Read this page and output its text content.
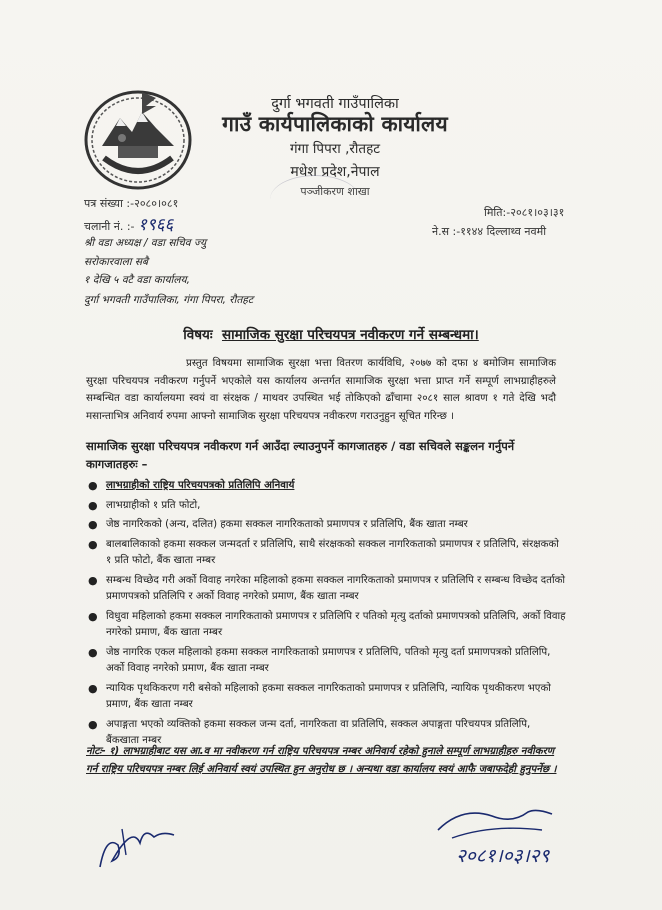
दुर्गा भगवती गाउँपालिका
गाउँ कार्यपालिकाको कार्यालय
गंगा पिपरा ,रौतहट
मधेश प्रदेश,नेपाल
पञ्जीकरण शाखा
पत्र संख्या :-२०८०।०८१
चलानी नं. :- १९६६
मिति:-२०८१।०३।३१
ने.स :-११४४ दिल्लाथ्व नवमी
श्री वडा अध्यक्ष / वडा सचिव ज्यु
सरोकारवाला सबै
१ देखि ५ वटै वडा कार्यालय,
दुर्गा भगवती गाउँपालिका, गंगा पिपरा, रौतहट
विषयः सामाजिक सुरक्षा परिचयपत्र नवीकरण गर्ने सम्बन्धमा।
प्रस्तुत विषयमा सामाजिक सुरक्षा भत्ता वितरण कार्यविधि, २०७७ को दफा ४ बमोजिम सामाजिक सुरक्षा परिचयपत्र नवीकरण गर्नुपर्ने भएकोले यस कार्यालय अन्तर्गत सामाजिक सुरक्षा भत्ता प्राप्त गर्ने सम्पूर्ण लाभग्राहीहरुले सम्बन्धित वडा कार्यालयमा स्वयं वा संरक्षक / माथवर उपस्थित भई तोकिएको ढाँचामा २०८१ साल श्रावण १ गते देखि भदौ मसान्ताभित्र अनिवार्य रुपमा आफ्नो सामाजिक सुरक्षा परिचयपत्र नवीकरण गराउनुहुन सूचित गरिन्छ ।
सामाजिक सुरक्षा परिचयपत्र नवीकरण गर्न आउँदा ल्याउनुपर्ने कागजातहरु / वडा सचिवले सङ्कलन गर्नुपर्ने कागजातहरुः –
● लाभग्राहीको राष्ट्रिय परिचयपत्रको प्रतिलिपि अनिवार्य
● लाभग्राहीको १ प्रति फोटो,
● जेष्ठ नागरिकको (अन्य, दलित) हकमा सक्कल नागरिकताको प्रमाणपत्र र प्रतिलिपि, बैंक खाता नम्बर
● बालबालिकाको हकमा सक्कल जन्मदर्ता र प्रतिलिपि, साथै संरक्षकको सक्कल नागरिकताको प्रमाणपत्र र प्रतिलिपि, संरक्षकको १ प्रति फोटो, बैंक खाता नम्बर
● सम्बन्ध विच्छेद गरी अर्को विवाह नगरेका महिलाको हकमा सक्कल नागरिकताको प्रमाणपत्र र प्रतिलिपि र सम्बन्ध विच्छेद दर्ताको प्रमाणपत्रको प्रतिलिपि र अर्को विवाह नगरेको प्रमाण, बैंक खाता नम्बर
● विधुवा महिलाको हकमा सक्कल नागरिकताको प्रमाणपत्र र प्रतिलिपि र पतिको मृत्यु दर्ताको प्रमाणपत्रको प्रतिलिपि, अर्को विवाह नगरेको प्रमाण, बैंक खाता नम्बर
● जेष्ठ नागरिक एकल महिलाको हकमा सक्कल नागरिकताको प्रमाणपत्र र प्रतिलिपि, पतिको मृत्यु दर्ता प्रमाणपत्रको प्रतिलिपि, अर्को विवाह नगरेको प्रमाण, बैंक खाता नम्बर
● न्यायिक पृथकिकरण गरी बसेको महिलाको हकमा सक्कल नागरिकताको प्रमाणपत्र र प्रतिलिपि, न्यायिक पृथकीकरण भएको प्रमाण, बैंक खाता नम्बर
● अपाङ्गता भएको व्यक्तिको हकमा सक्कल जन्म दर्ता, नागरिकता वा प्रतिलिपि, सक्कल अपाङ्गता परिचयपत्र प्रतिलिपि, बैंकखाता नम्बर
नोटः- १) लाभग्राहीबाट यस आ.व मा नवीकरण गर्न राष्ट्रिय परिचयपत्र नम्बर अनिवार्य रहेको हुनाले सम्पूर्ण लाभग्राहीहरु नवीकरण गर्न राष्ट्रिय परिचयपत्र नम्बर लिई अनिवार्य स्वयं उपस्थित हुन अनुरोध छ । अन्यथा वडा कार्यालय स्वयं आफै जबाफदेही हुनुपर्नेछ ।
२०८१।०३।२९
